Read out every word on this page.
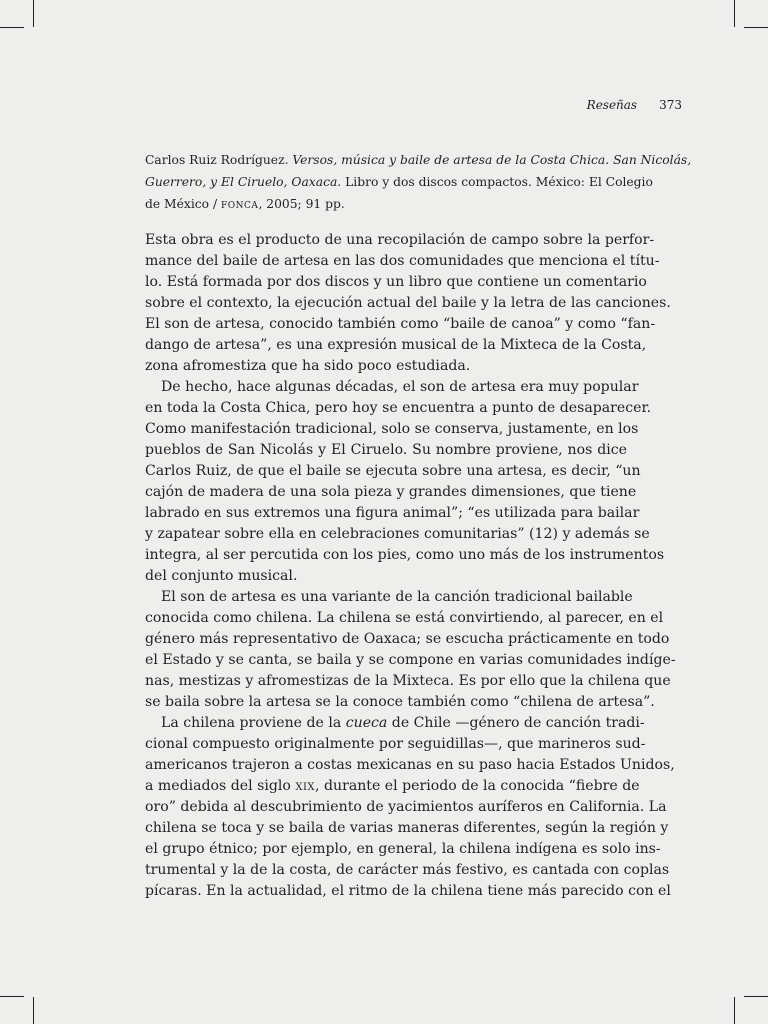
Reseñas 373
Carlos Ruiz Rodríguez. Versos, música y baile de artesa de la Costa Chica. San Nicolás,
Guerrero, y El Ciruelo, Oaxaca. Libro y dos discos compactos. México: El Colegio
de México / fonca, 2005; 91 pp.
Esta obra es el producto de una recopilación de campo sobre la perfor-
mance del baile de artesa en las dos comunidades que menciona el títu-
lo. Está formada por dos discos y un libro que contiene un comentario
sobre el contexto, la ejecución actual del baile y la letra de las canciones.
El son de artesa, conocido también como “baile de canoa” y como “fan-
dango de artesa”, es una expresión musical de la Mixteca de la Costa,
zona afromestiza que ha sido poco estudiada.
De hecho, hace algunas décadas, el son de artesa era muy popular
en toda la Costa Chica, pero hoy se encuentra a punto de desaparecer.
Como manifestación tradicional, solo se conserva, justamente, en los
pueblos de San Nicolás y El Ciruelo. Su nombre proviene, nos dice
Carlos Ruiz, de que el baile se ejecuta sobre una artesa, es decir, “un
cajón de madera de una sola pieza y grandes dimensiones, que tiene
labrado en sus extremos una figura animal”; “es utilizada para bailar
y zapatear sobre ella en celebraciones comunitarias” (12) y además se
integra, al ser percutida con los pies, como uno más de los instrumentos
del conjunto musical.
El son de artesa es una variante de la canción tradicional bailable
conocida como chilena. La chilena se está convirtiendo, al parecer, en el
género más representativo de Oaxaca; se escucha prácticamente en todo
el Estado y se canta, se baila y se compone en varias comunidades indíge-
nas, mestizas y afromestizas de la Mixteca. Es por ello que la chilena que
se baila sobre la artesa se la conoce también como “chilena de artesa”.
La chilena proviene de la cueca de Chile —género de canción tradi-
cional compuesto originalmente por seguidillas—, que marineros sud-
americanos trajeron a costas mexicanas en su paso hacia Estados Unidos,
a mediados del siglo xix, durante el periodo de la conocida “fiebre de
oro” debida al descubrimiento de yacimientos auríferos en California. La
chilena se toca y se baila de varias maneras diferentes, según la región y
el grupo étnico; por ejemplo, en general, la chilena indígena es solo ins-
trumental y la de la costa, de carácter más festivo, es cantada con coplas
pícaras. En la actualidad, el ritmo de la chilena tiene más parecido con el
